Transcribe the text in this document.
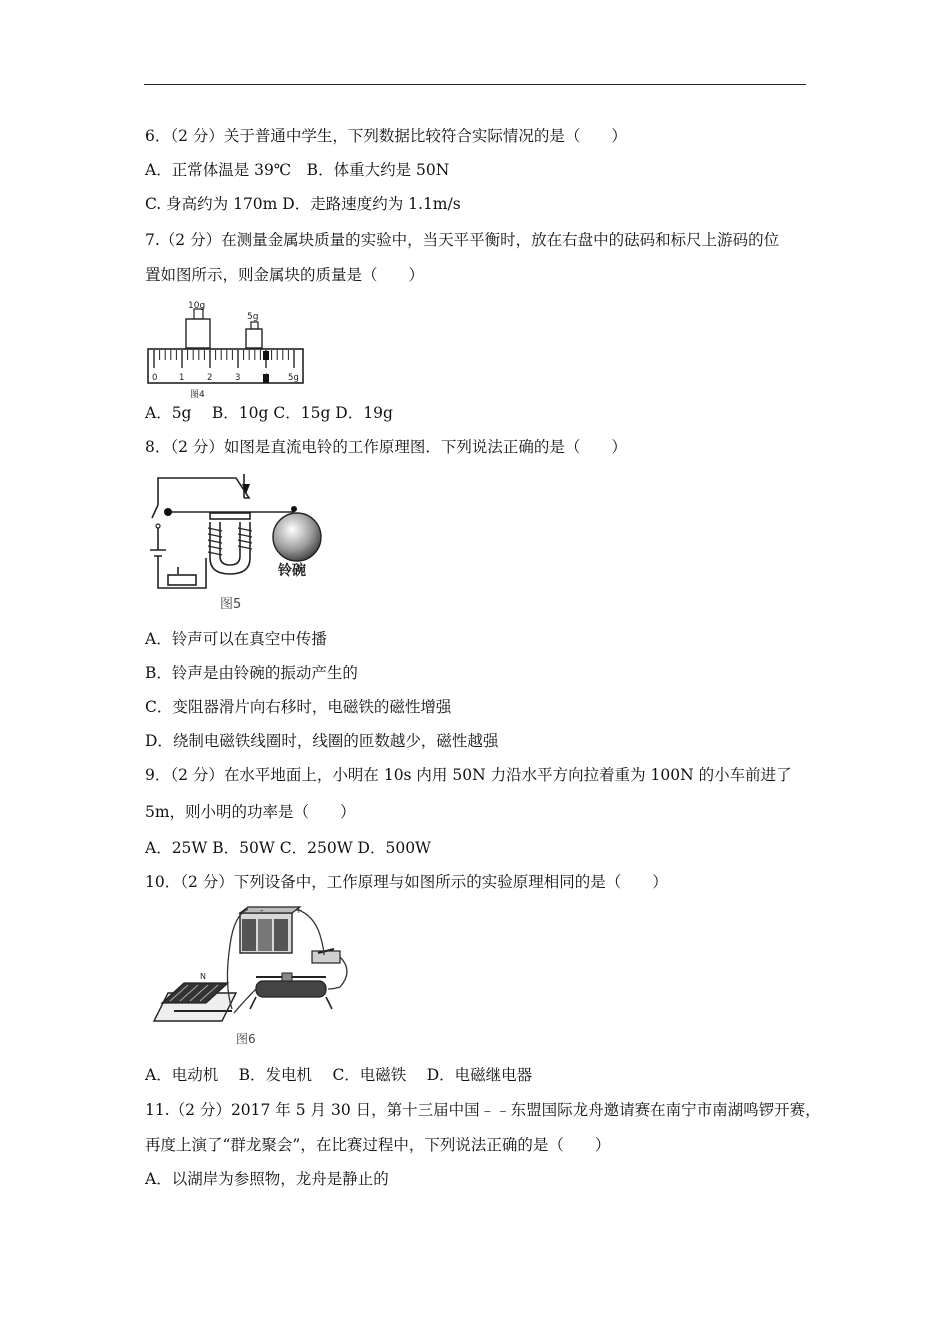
6．（2 分）关于普通中学生，下列数据比较符合实际情况的是（　　）
A．正常体温是 39℃　B．体重大约是 50N
C. 身高约为 170m D．走路速度约为 1.1m/s
7.（2 分）在测量金属块质量的实验中，当天平平衡时，放在右盘中的砝码和标尺上游码的位
置如图所示，则金属块的质量是（　　）
10g
5g
0	1	2	3	4 5g
图4
A．5g　 B．10g C．15g D．19g
8．（2 分）如图是直流电铃的工作原理图．下列说法正确的是（　　）
铃碗
图5
A．铃声可以在真空中传播
B．铃声是由铃碗的振动产生的
C．变阻器滑片向右移时，电磁铁的磁性增强
D．绕制电磁铁线圈时，线圈的匝数越少，磁性越强
9．（2 分）在水平地面上，小明在 10s 内用 50N 力沿水平方向拉着重为 100N 的小车前进了
5m，则小明的功率是（　　）
A．25W B．50W C．250W D．500W
10．（2 分）下列设备中，工作原理与如图所示的实验原理相同的是（　　）
-	+
N
图6
A．电动机　 B．发电机　 C．电磁铁　 D．电磁继电器
11.（2 分）2017 年 5 月 30 日，第十三届中国﹣﹣东盟国际龙舟邀请赛在南宁市南湖鸣锣开赛，
再度上演了“群龙聚会”，在比赛过程中，下列说法正确的是（　　）
A．以湖岸为参照物，龙舟是静止的
